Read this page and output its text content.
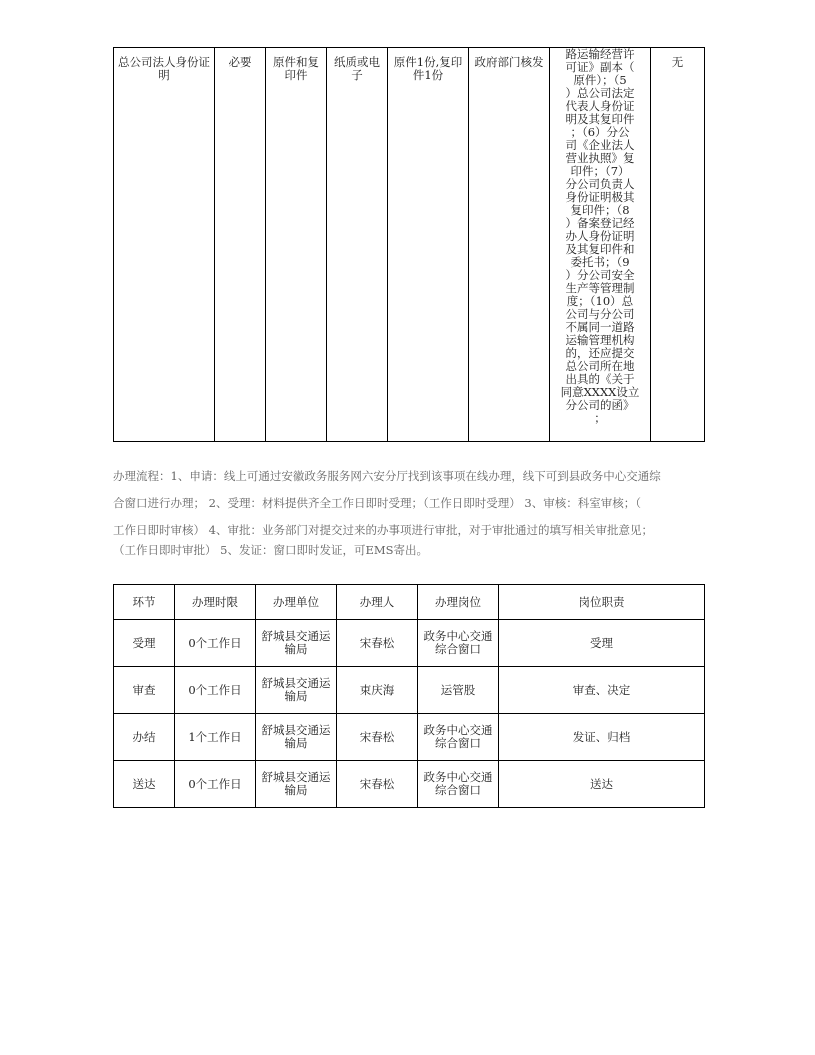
总公司法人身份证明	必要	原件和复印件	纸质或电子	原件1份,复印件1份	政府部门核发	
路运输经营许
可证》副本（
原件）；（5
）总公司法定
代表人身份证
明及其复印件
；（6）分公
司《企业法人
营业执照》复
印件；（7）
分公司负责人
身份证明极其
复印件；（8
）备案登记经
办人身份证明
及其复印件和
委托书；（9
）分公司安全
生产等管理制
度；（10）总
公司与分公司
不属同一道路
运输管理机构
的，还应提交
总公司所在地
出具的《关于
同意XXXX设立
分公司的函》
；
	无
办理流程：1、申请：线上可通过安徽政务服务网六安分厅找到该事项在线办理，线下可到县政务中心交通综
合窗口进行办理； 2、受理：材料提供齐全工作日即时受理；（工作日即时受理） 3、审核：科室审核；（
工作日即时审核） 4、审批：业务部门对提交过来的办事项进行审批，对于审批通过的填写相关审批意见；
（工作日即时审批） 5、发证：窗口即时发证，可EMS寄出。
环节	办理时限	办理单位	办理人	办理岗位	岗位职责
受理	0个工作日	舒城县交通运输局	宋春松	政务中心交通综合窗口	受理
审查	0个工作日	舒城县交通运输局	束庆海	运管股	审查、决定
办结	1个工作日	舒城县交通运输局	宋春松	政务中心交通综合窗口	发证、归档
送达	0个工作日	舒城县交通运输局	宋春松	政务中心交通综合窗口	送达
